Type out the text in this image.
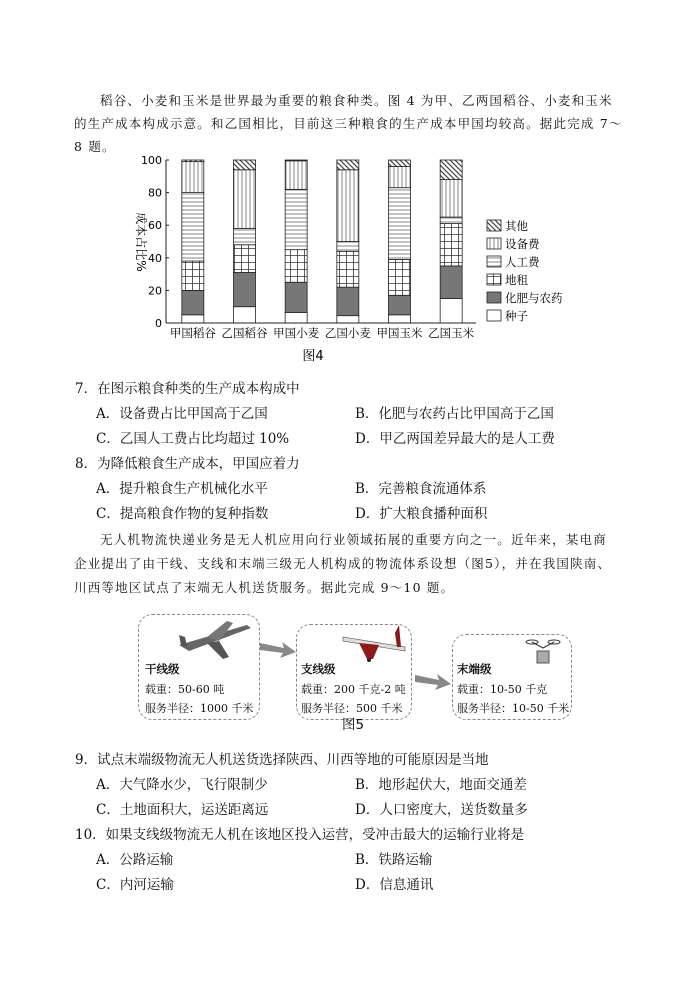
稻谷、小麦和玉米是世界最为重要的粮食种类。图 4 为甲、乙两国稻谷、小麦和玉米
的生产成本构成示意。和乙国相比，目前这三种粮食的生产成本甲国均较高。据此完成 7～
8 题。
甲国稻谷 乙国稻谷 甲国小麦 乙国小麦 甲国玉米 乙国玉米
0
20
40
60
80
100
成本占比%
图4
其他
设备费
人工费
地租
化肥与农药
种子
7．在图示粮食种类的生产成本构成中
A．设备费占比甲国高于乙国	B．化肥与农药占比甲国高于乙国
C．乙国人工费占比均超过 10%	D．甲乙两国差异最大的是人工费
8．为降低粮食生产成本，甲国应着力
A．提升粮食生产机械化水平	B．完善粮食流通体系
C．提高粮食作物的复种指数	D．扩大粮食播种面积
无人机物流快递业务是无人机应用向行业领域拓展的重要方向之一。近年来，某电商
企业提出了由干线、支线和末端三级无人机构成的物流体系设想（图5），并在我国陕南、
川西等地区试点了末端无人机送货服务。据此完成 9～10 题。
干线级
载重：50-60 吨
服务半径：1000 千米
支线级
载重：200 千克-2 吨
服务半径：500 千米
末端级
载重：10-50 千克
服务半径：10-50 千米
图5
9．试点末端级物流无人机送货选择陕西、川西等地的可能原因是当地
A．大气降水少，飞行限制少	B．地形起伏大，地面交通差
C．土地面积大，运送距离远	D．人口密度大，送货数量多
10．如果支线级物流无人机在该地区投入运营，受冲击最大的运输行业将是
A．公路运输	B．铁路运输
C．内河运输	D．信息通讯
